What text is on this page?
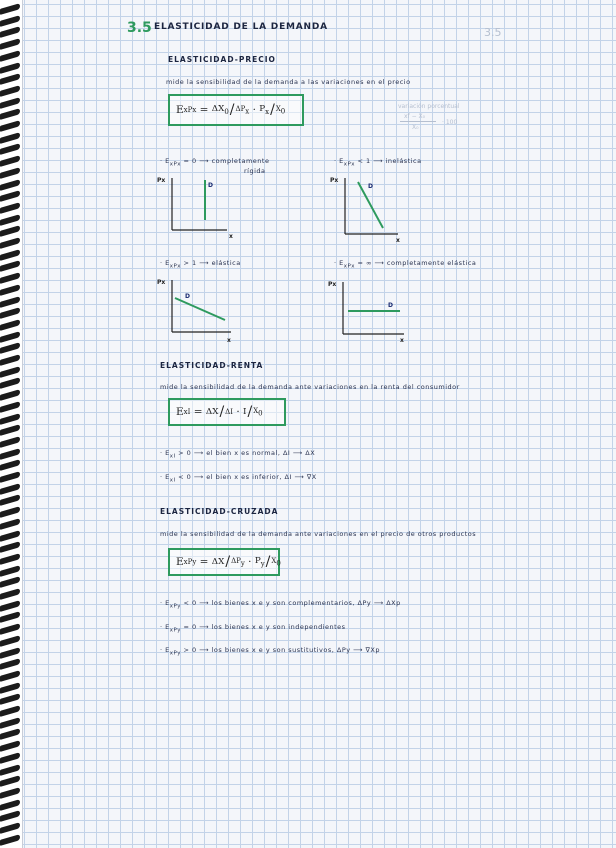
3.5 ELASTICIDAD DE LA DEMANDA	3.5
ELASTICIDAD-PRECIO
mide la sensibilidad de la demanda a las variaciones en el precio
E xPx = $\Delta X_0 / \Delta P_x \cdot P_x / X_0$
variación porcentual
xf − X₀
X₀
· 100
· $E_{xPx} = 0$ ⟶ completamente
rígida
· $E_{xPx} < 1$ ⟶ inelástica
· $E_{xPx} > 1$ ⟶ elástica	· $E_{xPx}$ = ∞ ⟶ completamente elástica
Px
x
D
Px
x
D
Px
x
D
Px
x
D
ELASTICIDAD-RENTA
mide la sensibilidad de la demanda ante variaciones en la renta del consumidor
E xI = $\Delta X / \Delta I \cdot I / X_0$
· $E_{xI} > 0$ ⟶ el bien x es normal, ΔI ⟶ ΔX
· $E_{xI} < 0$ ⟶ el bien x es inferior, ΔI ⟶ ∇X
ELASTICIDAD-CRUZADA
mide la sensibilidad de la demanda ante variaciones en el precio de otros productos
E xPy = $\Delta X / \Delta P_y \cdot P_y / X_0$
· $E_{xPy} < 0$ ⟶ los bienes x e y son complementarios, ΔPy ⟶ ΔXp
· $E_{xPy} = 0$ ⟶ los bienes x e y son independientes
· $E_{xPy} > 0$ ⟶ los bienes x e y son sustitutivos, ΔPy ⟶ ∇Xp
